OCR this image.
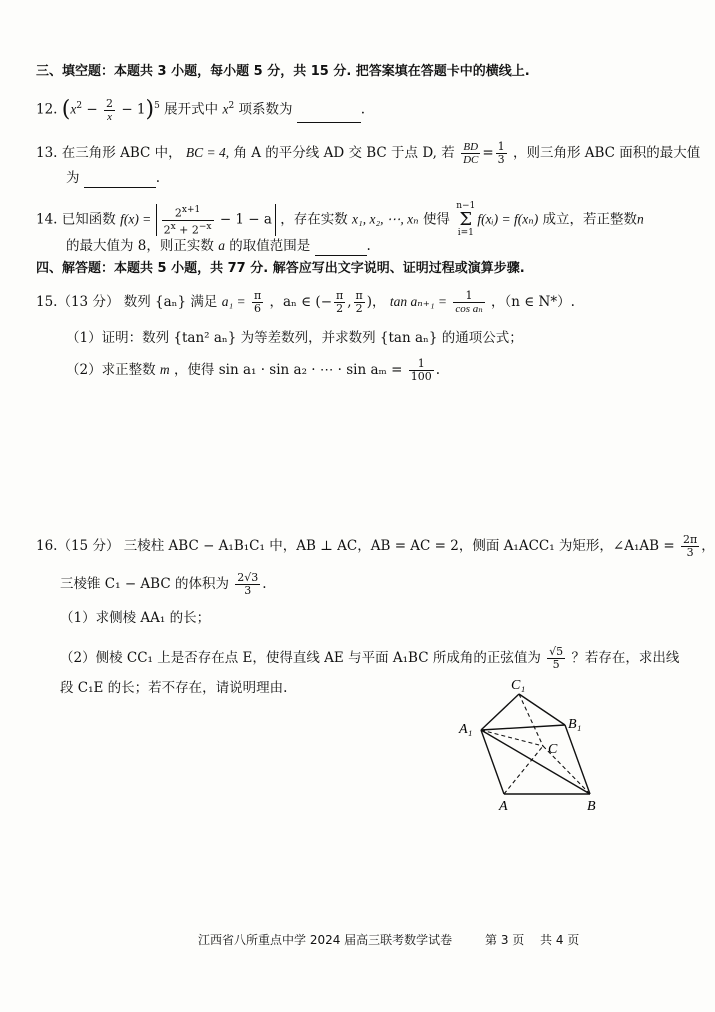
三、填空题：本题共 3 小题，每小题 5 分，共 15 分. 把答案填在答题卡中的横线上.
12. $(x^2 - \frac{2}{x} - 1)^5$ 展开式中 $x^2$ 项系数为	.
13. 在三角形 ABC 中， BC = 4, 角 A 的平分线 AD 交 BC 于点 D, 若 $\frac{BD}{DC} = \frac{1}{3}$ ，则三角形 ABC 面积的最大值
为	.
14. 已知函数 $f(x) = \frac{2^{x+1}}{2^x + 2^{-x}} - 1 - a$ ，存在实数 x₁, x₂, ⋯, xₙ 使得 n−1
Σ
i=1f(xᵢ) = f(xₙ) 成立，若正整数n
的最大值为 8，则正实数 a 的取值范围是	.
四、解答题：本题共 5 小题，共 77 分. 解答应写出文字说明、证明过程或演算步骤.
15.（13 分） 数列 {aₙ} 满足 $a_1 = \frac{\pi}{6}$ ，aₙ ∈ (− $\frac{\pi}{2}$ , $\frac{\pi}{2}$ )， $\tan a_{n+1} = \frac{1}{\text{cos aₙ}}$ ，（n ∈ N*）.
（1）证明：数列 {tan² aₙ} 为等差数列，并求数列 {tan aₙ} 的通项公式；
（2）求正整数 m ，使得 sin a₁ · sin a₂ · ⋯ · $\sin a_m = \frac{1}{100}$ .
16.（15 分） 三棱柱 ABC − A₁B₁C₁ 中，AB ⊥ AC，AB = AC = 2，侧面 A₁ACC₁ 为矩形，∠A₁AB = $\frac{2\pi}{3}$ ，
三棱锥 C₁ − ABC 的体积为 $\frac{2√3}{3}$ .
（1）求侧棱 AA₁ 的长；
（2）侧棱 CC₁ 上是否存在点 E，使得直线 AE 与平面 A₁BC 所成角的正弦值为 $\frac{√5}{5}$ ？若存在，求出线
段 C₁E 的长；若不存在，请说明理由.	C₁
B₁
A₁
C
A	B
江西省八所重点中学 2024 届高三联考数学试卷	第 3 页 共 4 页
